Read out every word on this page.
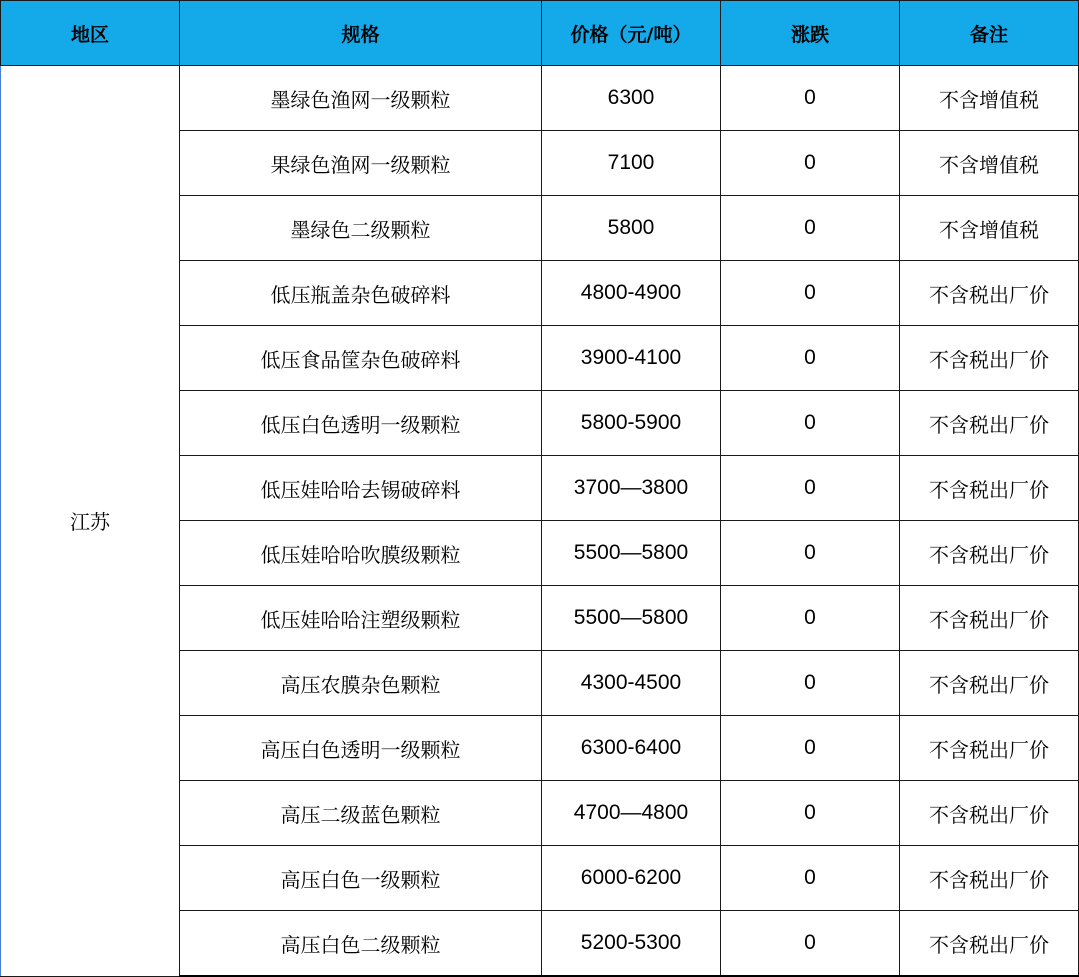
地区	规格	价格（元/吨）	涨跌	备注
江苏	墨绿色渔网一级颗粒	6300	0	不含增值税
	果绿色渔网一级颗粒	7100	0	不含增值税
	墨绿色二级颗粒	5800	0	不含增值税
	低压瓶盖杂色破碎料	4800-4900	0	不含税出厂价
	低压食品筐杂色破碎料	3900-4100	0	不含税出厂价
	低压白色透明一级颗粒	5800-5900	0	不含税出厂价
	低压娃哈哈去锡破碎料	3700—3800	0	不含税出厂价
	低压娃哈哈吹膜级颗粒	5500—5800	0	不含税出厂价
	低压娃哈哈注塑级颗粒	5500—5800	0	不含税出厂价
	高压农膜杂色颗粒	4300-4500	0	不含税出厂价
	高压白色透明一级颗粒	6300-6400	0	不含税出厂价
	高压二级蓝色颗粒	4700—4800	0	不含税出厂价
	高压白色一级颗粒	6000-6200	0	不含税出厂价
	高压白色二级颗粒	5200-5300	0	不含税出厂价
